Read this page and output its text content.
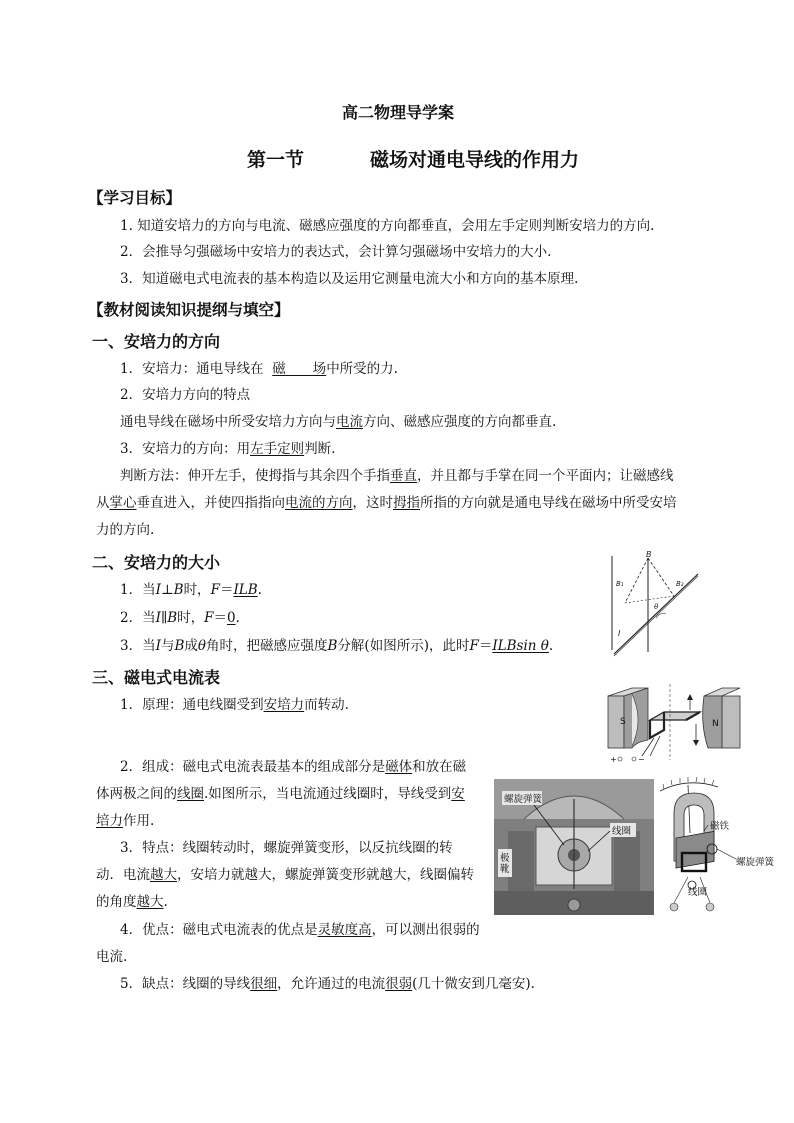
高二物理导学案
第一节	磁场对通电导线的作用力
【学习目标】
1. 知道安培力的方向与电流、磁感应强度的方向都垂直，会用左手定则判断安培力的方向.
2．会推导匀强磁场中安培力的表达式，会计算匀强磁场中安培力的大小.
3．知道磁电式电流表的基本构造以及运用它测量电流大小和方向的基本原理.
【教材阅读知识提纲与填空】
一、安培力的方向
1．安培力：通电导线在 磁　　场中所受的力.
2．安培力方向的特点
通电导线在磁场中所受安培力方向与电流方向、磁感应强度的方向都垂直.
3．安培力的方向：用左手定则判断.
判断方法：伸开左手，使拇指与其余四个手指垂直，并且都与手掌在同一个平面内；让磁感线
从掌心垂直进入，并使四指指向电流的方向，这时拇指所指的方向就是通电导线在磁场中所受安培
力的方向.
二、安培力的大小
1．当I⊥B时，F＝ILB.
2．当I∥B时，F＝0.
3．当I与B成θ角时，把磁感应强度B分解(如图所示)，此时F＝ILBsin θ.
B
B₁	B₂
θ
I
三、磁电式电流表
1．原理：通电线圈受到安培力而转动.
2．组成：磁电式电流表最基本的组成部分是磁体和放在磁
体两极之间的线圈.如图所示，当电流通过线圈时，导线受到安
培力作用.
3．特点：线圈转动时，螺旋弹簧变形，以反抗线圈的转
动．电流越大，安培力就越大，螺旋弹簧变形就越大，线圈偏转
的角度越大.
4．优点：磁电式电流表的优点是灵敏度高，可以测出很弱的
电流.
5．缺点：线圈的导线很细，允许通过的电流很弱(几十微安到几毫安).
S	N
+	−
螺旋弹簧
线圈
极靴
磁铁
螺旋弹簧
线圈
